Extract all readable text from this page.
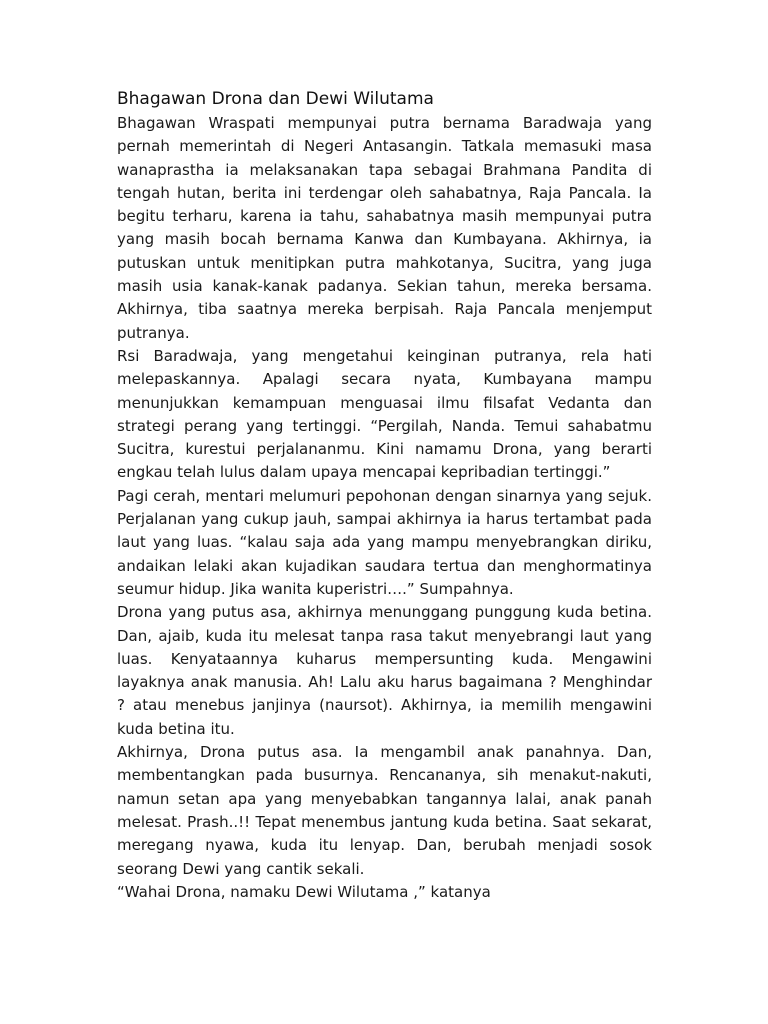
Bhagawan Drona dan Dewi Wilutama

Bhagawan Wraspati mempunyai putra bernama Baradwaja yang pernah memerintah di Negeri Antasangin. Tatkala memasuki masa wanaprastha ia melaksanakan tapa sebagai Brahmana Pandita di tengah hutan, berita ini terdengar oleh sahabatnya, Raja Pancala. Ia begitu terharu, karena ia tahu, sahabatnya masih mempunyai putra yang masih bocah bernama Kanwa dan Kumbayana. Akhirnya, ia putuskan untuk menitipkan putra mahkotanya, Sucitra, yang juga masih usia kanak-kanak padanya. Sekian tahun, mereka bersama. Akhirnya, tiba saatnya mereka berpisah. Raja Pancala menjemput putranya.

Rsi Baradwaja, yang mengetahui keinginan putranya, rela hati melepaskannya. Apalagi secara nyata, Kumbayana mampu menunjukkan kemampuan menguasai ilmu filsafat Vedanta dan strategi perang yang tertinggi. “Pergilah, Nanda. Temui sahabatmu Sucitra, kurestui perjalananmu. Kini namamu Drona, yang berarti engkau telah lulus dalam upaya mencapai kepribadian tertinggi.”

Pagi cerah, mentari melumuri pepohonan dengan sinarnya yang sejuk. Perjalanan yang cukup jauh, sampai akhirnya ia harus tertambat pada laut yang luas. “kalau saja ada yang mampu menyebrangkan diriku, andaikan lelaki akan kujadikan saudara tertua dan menghormatinya seumur hidup. Jika wanita kuperistri….” Sumpahnya.

Drona yang putus asa, akhirnya menunggang punggung kuda betina. Dan, ajaib, kuda itu melesat tanpa rasa takut menyebrangi laut yang luas. Kenyataannya kuharus mempersunting kuda. Mengawini layaknya anak manusia. Ah! Lalu aku harus bagaimana ? Menghindar ? atau menebus janjinya (naursot). Akhirnya, ia memilih mengawini kuda betina itu.

Akhirnya, Drona putus asa. Ia mengambil anak panahnya. Dan, membentangkan pada busurnya. Rencananya, sih menakut-nakuti, namun setan apa yang menyebabkan tangannya lalai, anak panah melesat. Prash..!! Tepat menembus jantung kuda betina. Saat sekarat, meregang nyawa, kuda itu lenyap. Dan, berubah menjadi sosok seorang Dewi yang cantik sekali.

“Wahai Drona, namaku Dewi Wilutama ,” katanya
